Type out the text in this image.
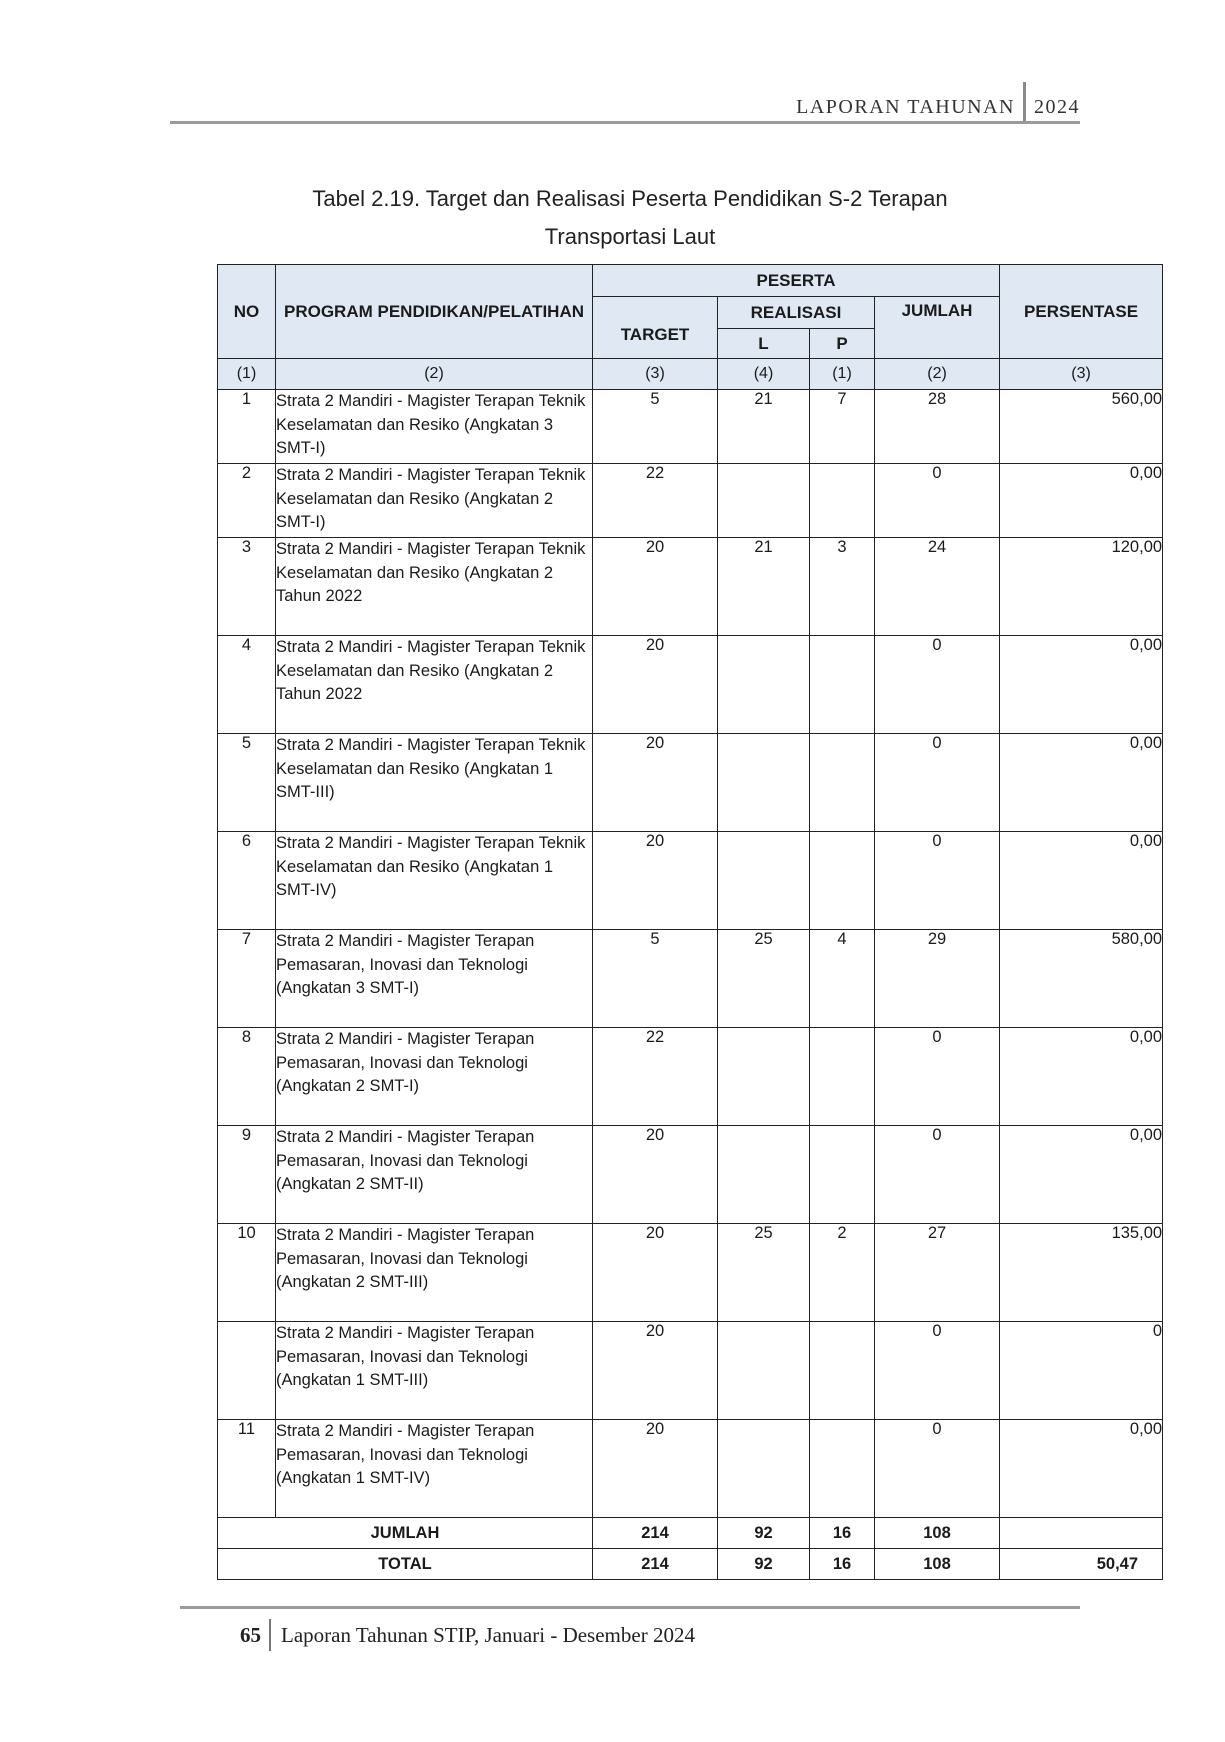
LAPORAN TAHUNAN 2024
Tabel 2.19. Target dan Realisasi Peserta Pendidikan S-2 Terapan
Transportasi Laut
NO	PROGRAM PENDIDIKAN/PELATIHAN	PESERTA				PERSENTASE
		TARGET	REALISASI		JUMLAH	
			L	P		

(1)	(2)	(3)	(4)	(1)	(2)	(3)
1	Strata 2 Mandiri - Magister Terapan Teknik Keselamatan dan Resiko (Angkatan 3 SMT-I)	5	21	7	28	560,00
2	Strata 2 Mandiri - Magister Terapan Teknik Keselamatan dan Resiko (Angkatan 2 SMT-I)	22			0	0,00
3	Strata 2 Mandiri - Magister Terapan Teknik Keselamatan dan Resiko (Angkatan 2 Tahun 2022	20	21	3	24	120,00
4	Strata 2 Mandiri - Magister Terapan Teknik Keselamatan dan Resiko (Angkatan 2 Tahun 2022	20			0	0,00
5	Strata 2 Mandiri - Magister Terapan Teknik Keselamatan dan Resiko (Angkatan 1 SMT-III)	20			0	0,00
6	Strata 2 Mandiri - Magister Terapan Teknik Keselamatan dan Resiko (Angkatan 1 SMT-IV)	20			0	0,00
7	Strata 2 Mandiri - Magister Terapan Pemasaran, Inovasi dan Teknologi (Angkatan 3 SMT-I)	5	25	4	29	580,00
8	Strata 2 Mandiri - Magister Terapan Pemasaran, Inovasi dan Teknologi (Angkatan 2 SMT-I)	22			0	0,00
9	Strata 2 Mandiri - Magister Terapan Pemasaran, Inovasi dan Teknologi (Angkatan 2 SMT-II)	20			0	0,00
10	Strata 2 Mandiri - Magister Terapan Pemasaran, Inovasi dan Teknologi (Angkatan 2 SMT-III)	20	25	2	27	135,00
	Strata 2 Mandiri - Magister Terapan Pemasaran, Inovasi dan Teknologi (Angkatan 1 SMT-III)	20			0	0
11	Strata 2 Mandiri - Magister Terapan Pemasaran, Inovasi dan Teknologi (Angkatan 1 SMT-IV)	20			0	0,00
JUMLAH		214	92	16	108	
TOTAL		214	92	16	108	50,47
65 Laporan Tahunan STIP, Januari - Desember 2024
